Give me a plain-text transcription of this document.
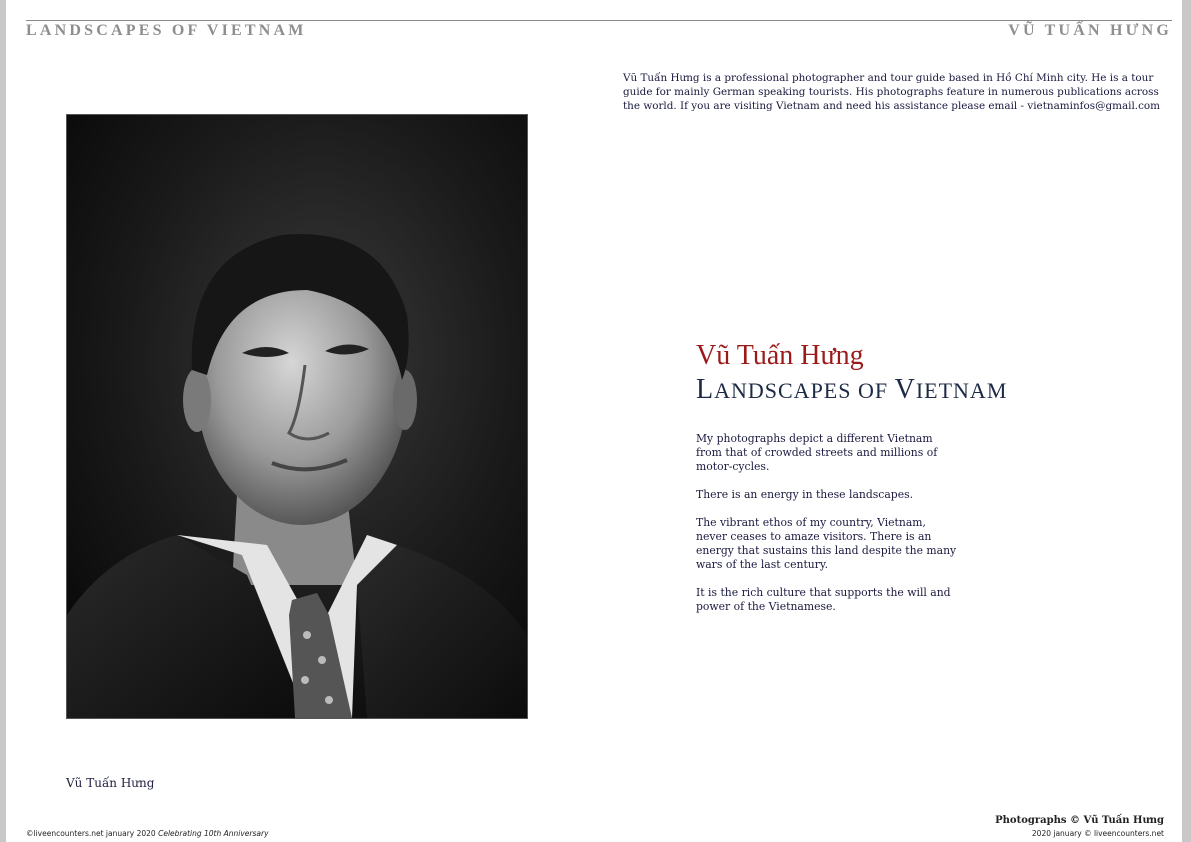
LANDSCAPES OF VIETNAM	VŨ TUẤN HƯNG
Vũ Tuấn Hưng is a professional photographer and tour guide based in Hồ Chí Minh city. He is a tour guide for mainly German speaking tourists. His photographs feature in numerous publications across the world. If you are visiting Vietnam and need his assistance please email - vietnaminfos@gmail.com
Vũ Tuấn Hưng
Vũ Tuấn Hưng
LANDSCAPES OF VIETNAM

My photographs depict a different Vietnam from that of crowded streets and millions of motor-cycles.

There is an energy in these landscapes.

The vibrant ethos of my country, Vietnam, never ceases to amaze visitors. There is an energy that sustains this land despite the many wars of the last century.

It is the rich culture that supports the will and power of the Vietnamese.

©liveencounters.net january 2020 Celebrating 10th Anniversary
Photographs © Vũ Tuấn Hưng
2020 january © liveencounters.net
